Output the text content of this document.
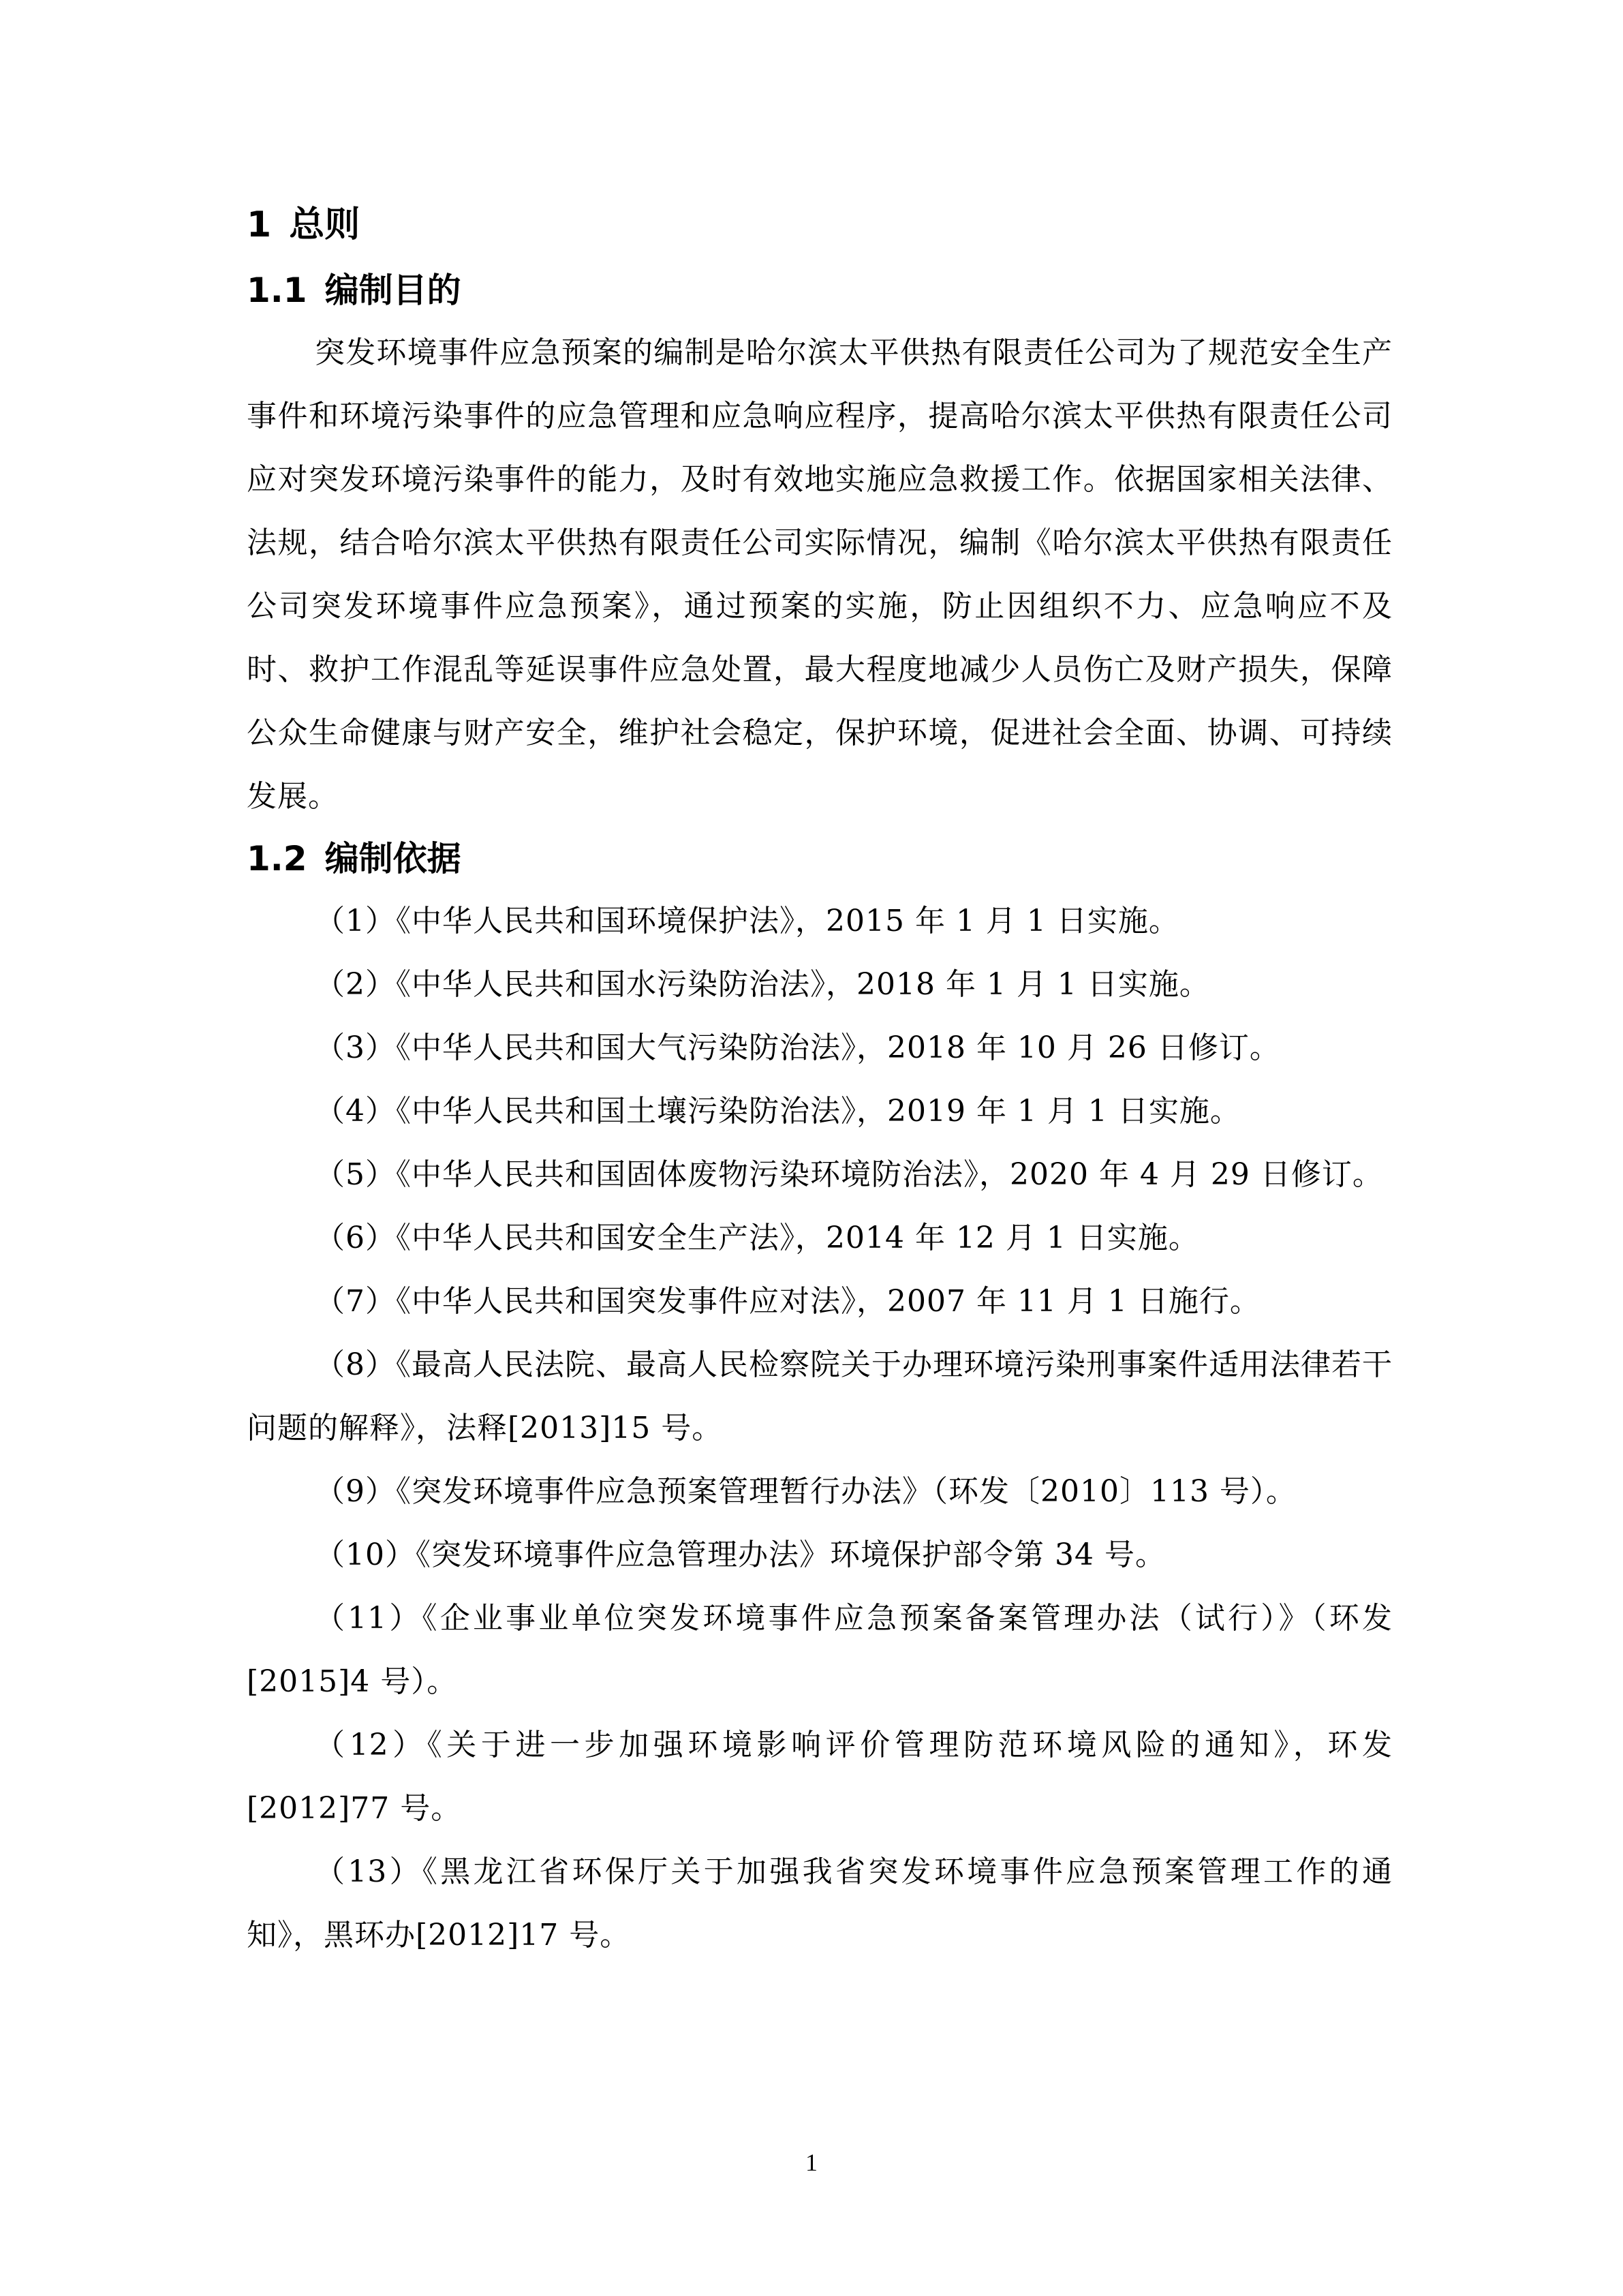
1 总则
1.1 编制目的

突发环境事件应急预案的编制是哈尔滨太平供热有限责任公司为了规范安全生产事件和环境污染事件的应急管理和应急响应程序，提高哈尔滨太平供热有限责任公司应对突发环境污染事件的能力，及时有效地实施应急救援工作。依据国家相关法律、法规，结合哈尔滨太平供热有限责任公司实际情况，编制《哈尔滨太平供热有限责任公司突发环境事件应急预案》，通过预案的实施，防止因组织不力、应急响应不及时、救护工作混乱等延误事件应急处置，最大程度地减少人员伤亡及财产损失，保障公众生命健康与财产安全，维护社会稳定，保护环境，促进社会全面、协调、可持续发展。

1.2 编制依据

（1）《中华人民共和国环境保护法》，2015 年 1 月 1 日实施。

（2）《中华人民共和国水污染防治法》，2018 年 1 月 1 日实施。

（3）《中华人民共和国大气污染防治法》，2018 年 10 月 26 日修订。

（4）《中华人民共和国土壤污染防治法》，2019 年 1 月 1 日实施。

（5）《中华人民共和国固体废物污染环境防治法》，2020 年 4 月 29 日修订。

（6）《中华人民共和国安全生产法》，2014 年 12 月 1 日实施。

（7）《中华人民共和国突发事件应对法》，2007 年 11 月 1 日施行。

（8）《最高人民法院、最高人民检察院关于办理环境污染刑事案件适用法律若干问题的解释》，法释[2013]15 号。

（9）《突发环境事件应急预案管理暂行办法》（环发〔2010〕113 号）。

（10）《突发环境事件应急管理办法》环境保护部令第 34 号。

（11）《企业事业单位突发环境事件应急预案备案管理办法（试行）》（环发[2015]4 号）。

（12）《关于进一步加强环境影响评价管理防范环境风险的通知》，环发[2012]77 号。

（13）《黑龙江省环保厅关于加强我省突发环境事件应急预案管理工作的通知》，黑环办[2012]17 号。

1
